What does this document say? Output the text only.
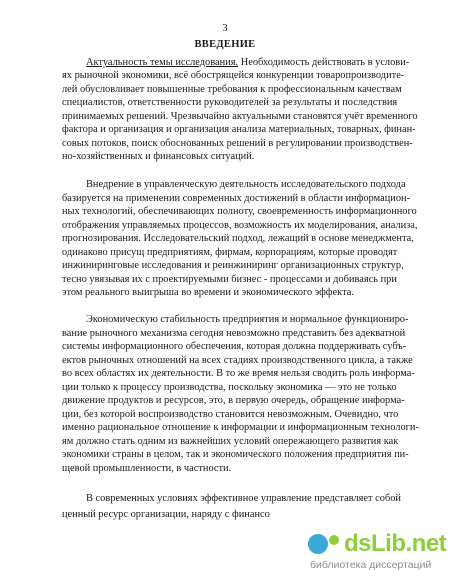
3
ВВЕДЕНИЕ
Актуальность темы исследования. Необходимость действовать в услови-
ях рыночной экономики, всё обострящейся конкуренции товаропроизводите-
лей обусловливает повышенные требования к профессиональным качествам
специалистов, ответственности руководителей за результаты и последствия
принимаемых решений. Чрезвычайно актуальными становятся учёт временного
фактора и организация и организация анализа материальных, товарных, финан-
совых потоков, поиск обоснованных решений в регулировании производствен-
но-хозяйственных и финансовых ситуаций.
Внедрение в управленческую деятельность исследовательского подхода
базируется на применении современных достижений в области информацион-
ных технологий, обеспечивающих полноту, своевременность информационного
отображения управляемых процессов, возможность их моделирования, анализа,
прогнозирования. Исследовательский подход, лежащий в основе менеджмента,
одинаково присущ предприятиям, фирмам, корпорациям, которые проводят
инжиниринговые исследования и реинжиниринг организационных структур,
тесно увязывая их с проектируемыми бизнес - процессами и добиваясь при
этом реального выигрыша во времени и экономического эффекта.
Экономическую стабильность предприятия и нормальное функциониро-
вание рыночного механизма сегодня невозможно представить без адекватной
системы информационного обеспечения, которая должна поддерживать субъ-
ектов рыночных отношений на всех стадиях производственного цикла, а также
во всех областях их деятельности. В то же время нельзя сводить роль информа-
ции только к процессу производства, поскольку экономика — это не только
движение продуктов и ресурсов, это, в первую очередь, обращение информа-
ции, без которой воспроизводство становится невозможным. Очевидно, что
именно рациональное отношение к информации и информационным технологи-
ям должно стать одним из важнейших условий опережающего развития как
экономики страны в целом, так и экономического положения предприятия пи-
щевой промышленности, в частности.
В современных условиях эффективное управление представляет собой
ценный ресурс организации, наряду с финансо
dsLib.net
библиотека диссертаций
